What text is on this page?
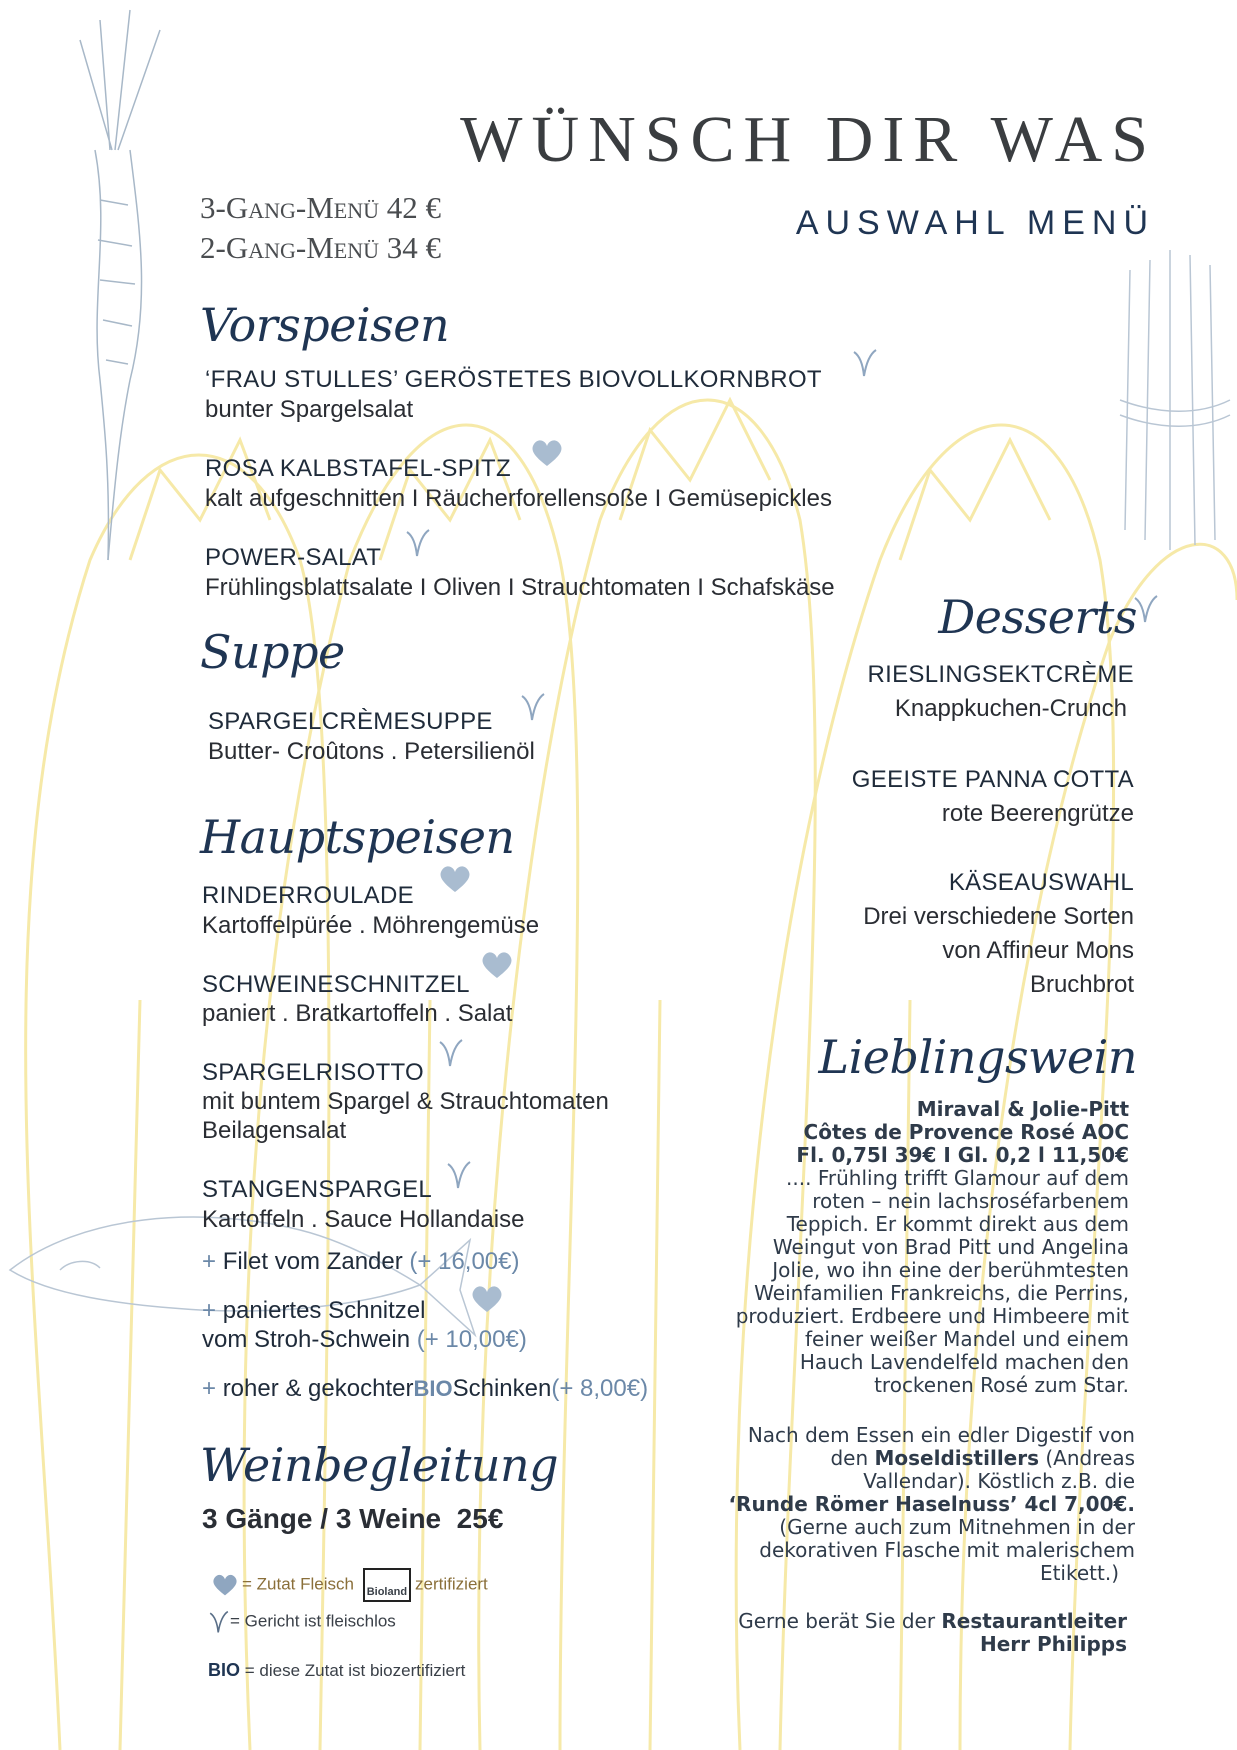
WÜNSCH DIR WAS
AUSWAHL MENÜ
3-Gang-Menü 42 €
2-Gang-Menü 34 €
Vorspeisen
‘FRAU STULLES’ GERÖSTETES BIOVOLLKORNBROT
bunter Spargelsalat
ROSA KALBSTAFEL-SPITZ
kalt aufgeschnitten I Räucherforellensoße I Gemüsepickles
POWER-SALAT
Frühlingsblattsalate I Oliven I Strauchtomaten I Schafskäse
Suppe
SPARGELCRÈMESUPPE
Butter- Croûtons . Petersilienöl
Hauptspeisen
RINDERROULADE
Kartoffelpürée . Möhrengemüse
SCHWEINESCHNITZEL
paniert . Bratkartoffeln . Salat
SPARGELRISOTTO
mit buntem Spargel & Strauchtomaten
Beilagensalat
STANGENSPARGEL
Kartoffeln . Sauce Hollandaise
+ Filet vom Zander (+ 16,00€)
+ paniertes Schnitzel
vom Stroh-Schwein (+ 10,00€)
+ roher & gekochterBIOSchinken(+ 8,00€)
Weinbegleitung
3 Gänge / 3 Weine  25€
= Zutat Fleisch Bioland zertifiziert
= Gericht ist fleischlos
BIO = diese Zutat ist biozertifiziert
Desserts
RIESLINGSEKTCRÈME
Knappkuchen-Crunch
GEEISTE PANNA COTTA
rote Beerengrütze
KÄSEAUSWAHL
Drei verschiedene Sorten
von Affineur Mons
Bruchbrot
Lieblingswein
Miraval & Jolie-Pitt
Côtes de Provence Rosé AOC
Fl. 0,75l 39€ I Gl. 0,2 l 11,50€
.... Frühling trifft Glamour auf dem
roten – nein lachsroséfarbenem
Teppich. Er kommt direkt aus dem
Weingut von Brad Pitt und Angelina
Jolie, wo ihn eine der berühmtesten
Weinfamilien Frankreichs, die Perrins,
produziert. Erdbeere und Himbeere mit
feiner weißer Mandel und einem
Hauch Lavendelfeld machen den
trockenen Rosé zum Star.
Nach dem Essen ein edler Digestif von
den Moseldistillers (Andreas
Vallendar). Köstlich z.B. die
‘Runde Römer Haselnuss’ 4cl 7,00€.
(Gerne auch zum Mitnehmen in der
dekorativen Flasche mit malerischem
Etikett.)
Gerne berät Sie der Restaurantleiter
Herr Philipps
